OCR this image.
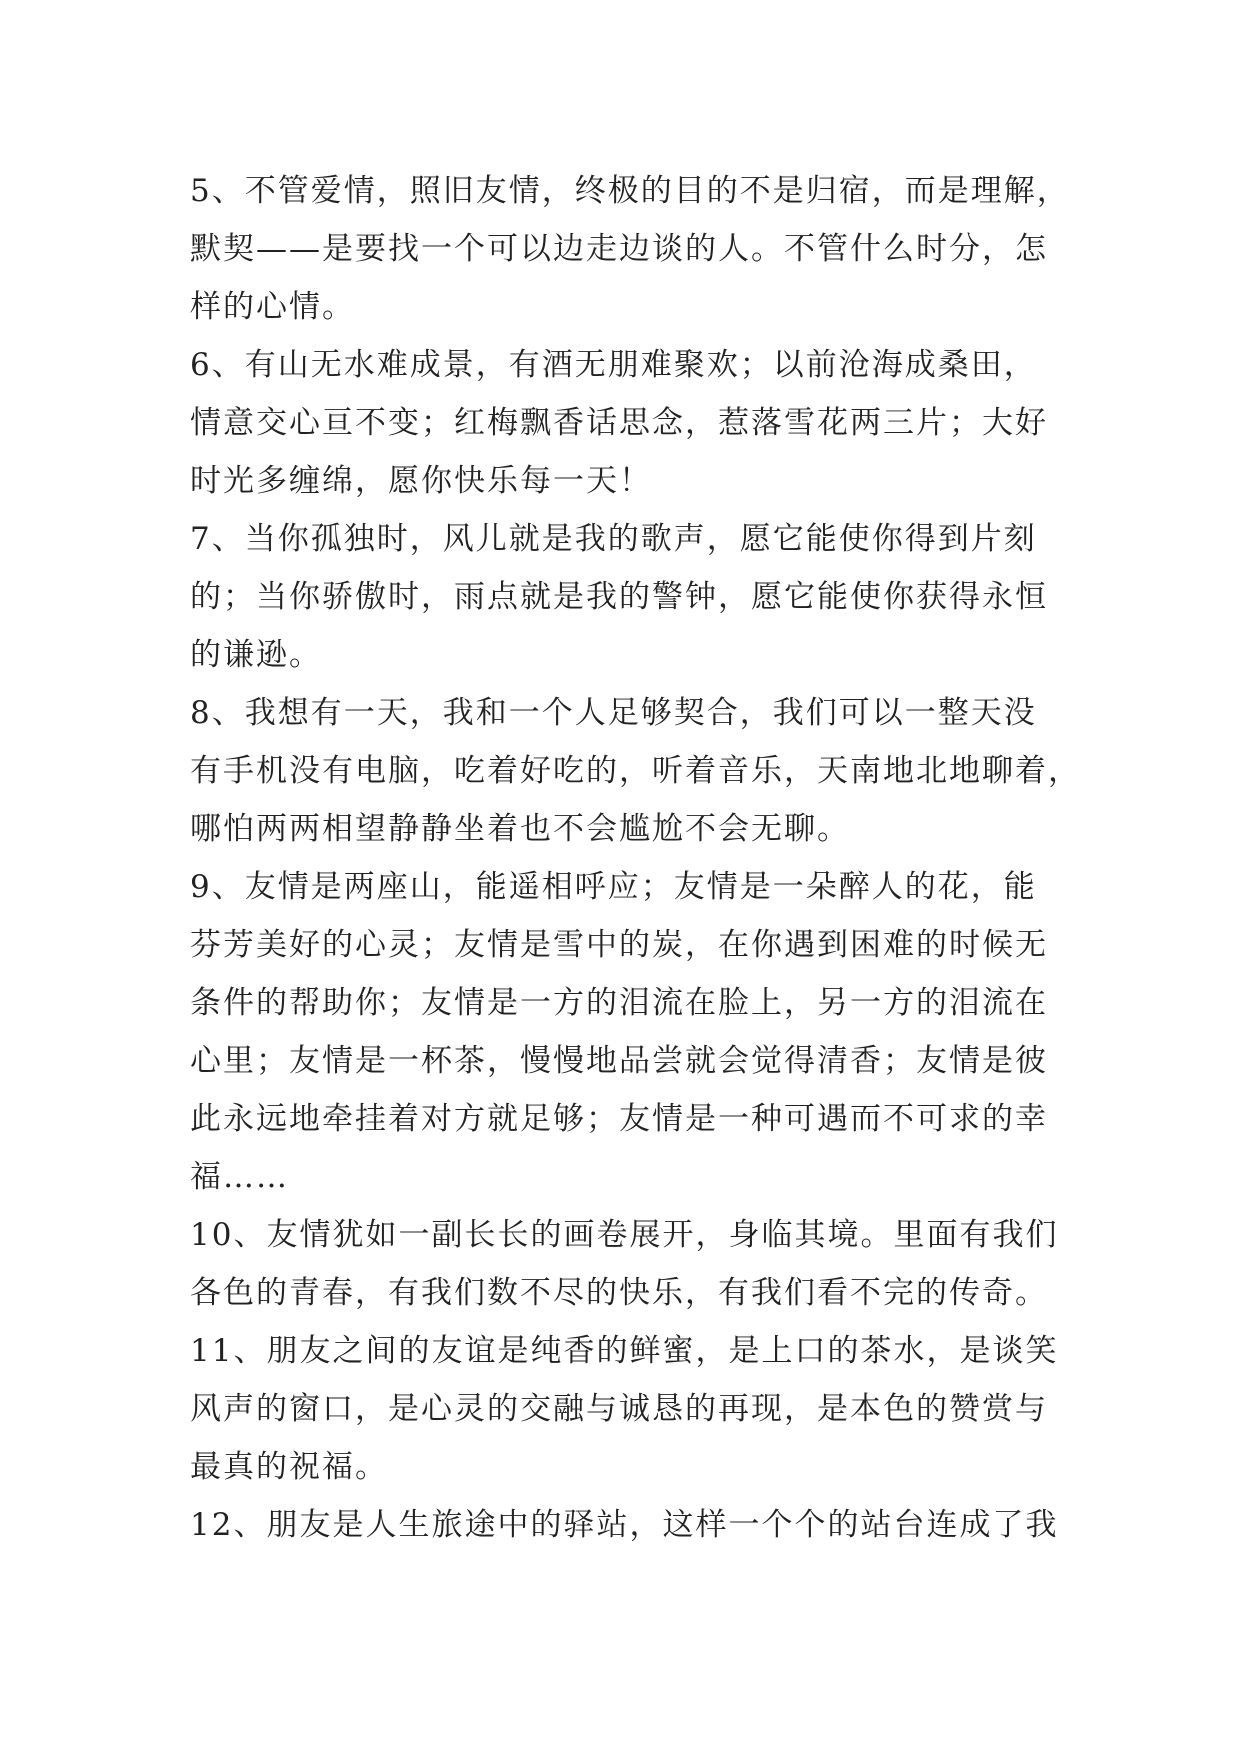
5、不管爱情，照旧友情，终极的目的不是归宿，而是理解，
默契——是要找一个可以边走边谈的人。不管什么时分，怎
样的心情。
6、有山无水难成景，有酒无朋难聚欢；以前沧海成桑田，
情意交心亘不变；红梅飘香话思念，惹落雪花两三片；大好
时光多缠绵，愿你快乐每一天！
7、当你孤独时，风儿就是我的歌声，愿它能使你得到片刻
的；当你骄傲时，雨点就是我的警钟，愿它能使你获得永恒
的谦逊。
8、我想有一天，我和一个人足够契合，我们可以一整天没
有手机没有电脑，吃着好吃的，听着音乐，天南地北地聊着，
哪怕两两相望静静坐着也不会尴尬不会无聊。
9、友情是两座山，能遥相呼应；友情是一朵醉人的花，能
芬芳美好的心灵；友情是雪中的炭，在你遇到困难的时候无
条件的帮助你；友情是一方的泪流在脸上，另一方的泪流在
心里；友情是一杯茶，慢慢地品尝就会觉得清香；友情是彼
此永远地牵挂着对方就足够；友情是一种可遇而不可求的幸
福……
10、友情犹如一副长长的画卷展开，身临其境。里面有我们
各色的青春，有我们数不尽的快乐，有我们看不完的传奇。
11、朋友之间的友谊是纯香的鲜蜜，是上口的茶水，是谈笑
风声的窗口，是心灵的交融与诚恳的再现，是本色的赞赏与
最真的祝福。
12、朋友是人生旅途中的驿站，这样一个个的站台连成了我
